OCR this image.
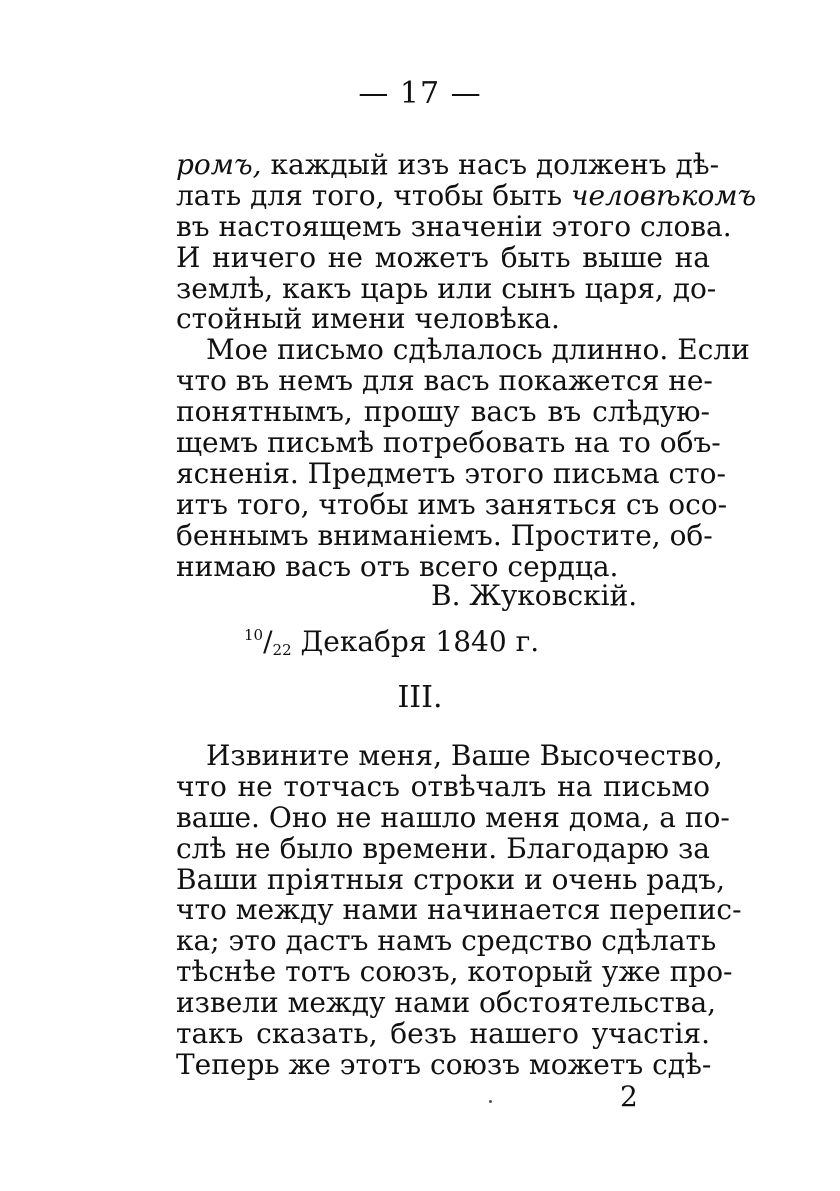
— 17 —
ромъ, каждый изъ насъ долженъ дѣ-
лать для того, чтобы быть человѣкомъ
въ настоящемъ значеніи этого слова.
И ничего не можетъ быть выше на
землѣ, какъ царь или сынъ царя, до-
стойный имени человѣка.
Мое письмо сдѣлалось длинно. Если
что въ немъ для васъ покажется не-
понятнымъ, прошу васъ въ слѣдую-
щемъ письмѣ потребовать на то объ-
ясненія. Предметъ этого письма сто-
итъ того, чтобы имъ заняться съ осо-
беннымъ вниманіемъ. Простите, об-
нимаю васъ отъ всего сердца.
В. Жуковскій.
$^{10}$/22 Декабря 1840 г.
III.
Извините меня, Ваше Высочество,
что не тотчасъ отвѣчалъ на письмо
ваше. Оно не нашло меня дома, а по-
слѣ не было времени. Благодарю за
Ваши пріятныя строки и очень радъ,
что между нами начинается перепис-
ка; это дастъ намъ средство сдѣлать
тѣснѣе тотъ союзъ, который уже про-
извели между нами обстоятельства,
такъ сказать, безъ нашего участія.
Теперь же этотъ союзъ можетъ сдѣ-
2
